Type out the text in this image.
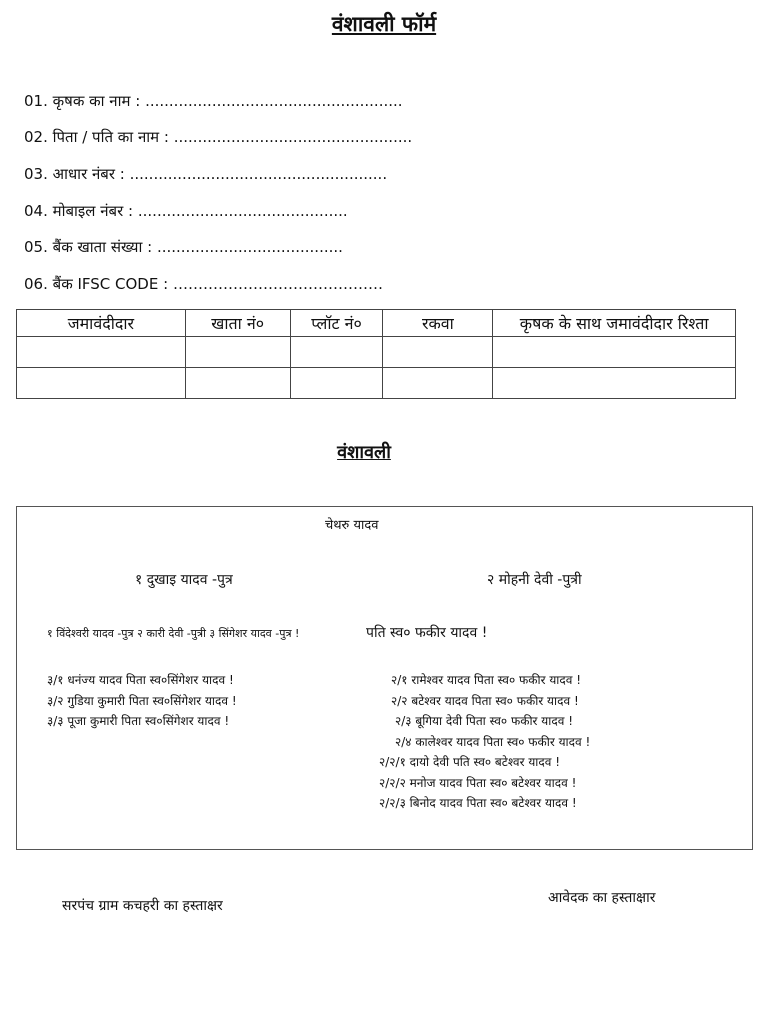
वंशावली फॉर्म
01. कृषक का नाम : ......................................................
02. पिता / पति का नाम : ..................................................
03. आधार नंबर : ......................................................
04. मोबाइल नंबर : ............................................
05. बैंक खाता संख्या : .......................................
06. बैंक IFSC CODE : ……………………………………
जमावंदीदार	खाता नं०	प्लॉट नं०	रकवा	कृषक के साथ जमावंदीदार रिश्ता

वंशावली
चेथरु यादव
१ दुखाइ यादव -पुत्र	२ मोहनी देवी -पुत्री
१ विंदेश्वरी यादव -पुत्र २ कारी देवी -पुत्री ३ सिंगेशर यादव -पुत्र !	पति स्व० फकीर यादव !
३/१ धनंज्य यादव पिता स्व०सिंगेशर यादव !
३/२ गुडिया कुमारी पिता स्व०सिंगेशर यादव !
३/३ पूजा कुमारी पिता स्व०सिंगेशर यादव !
२/१ रामेश्वर यादव पिता स्व० फकीर यादव !
२/२ बटेश्वर यादव पिता स्व० फकीर यादव !
२/३ बूगिया देवी पिता स्व० फकीर यादव !
२/४ कालेश्वर यादव पिता स्व० फकीर यादव !
२/२/१ दायो देवी पति स्व० बटेश्वर यादव !
२/२/२ मनोज यादव पिता स्व० बटेश्वर यादव !
२/२/३ बिनोद यादव पिता स्व० बटेश्वर यादव !
सरपंच ग्राम कचहरी का हस्ताक्षर	आवेदक का हस्ताक्षार
